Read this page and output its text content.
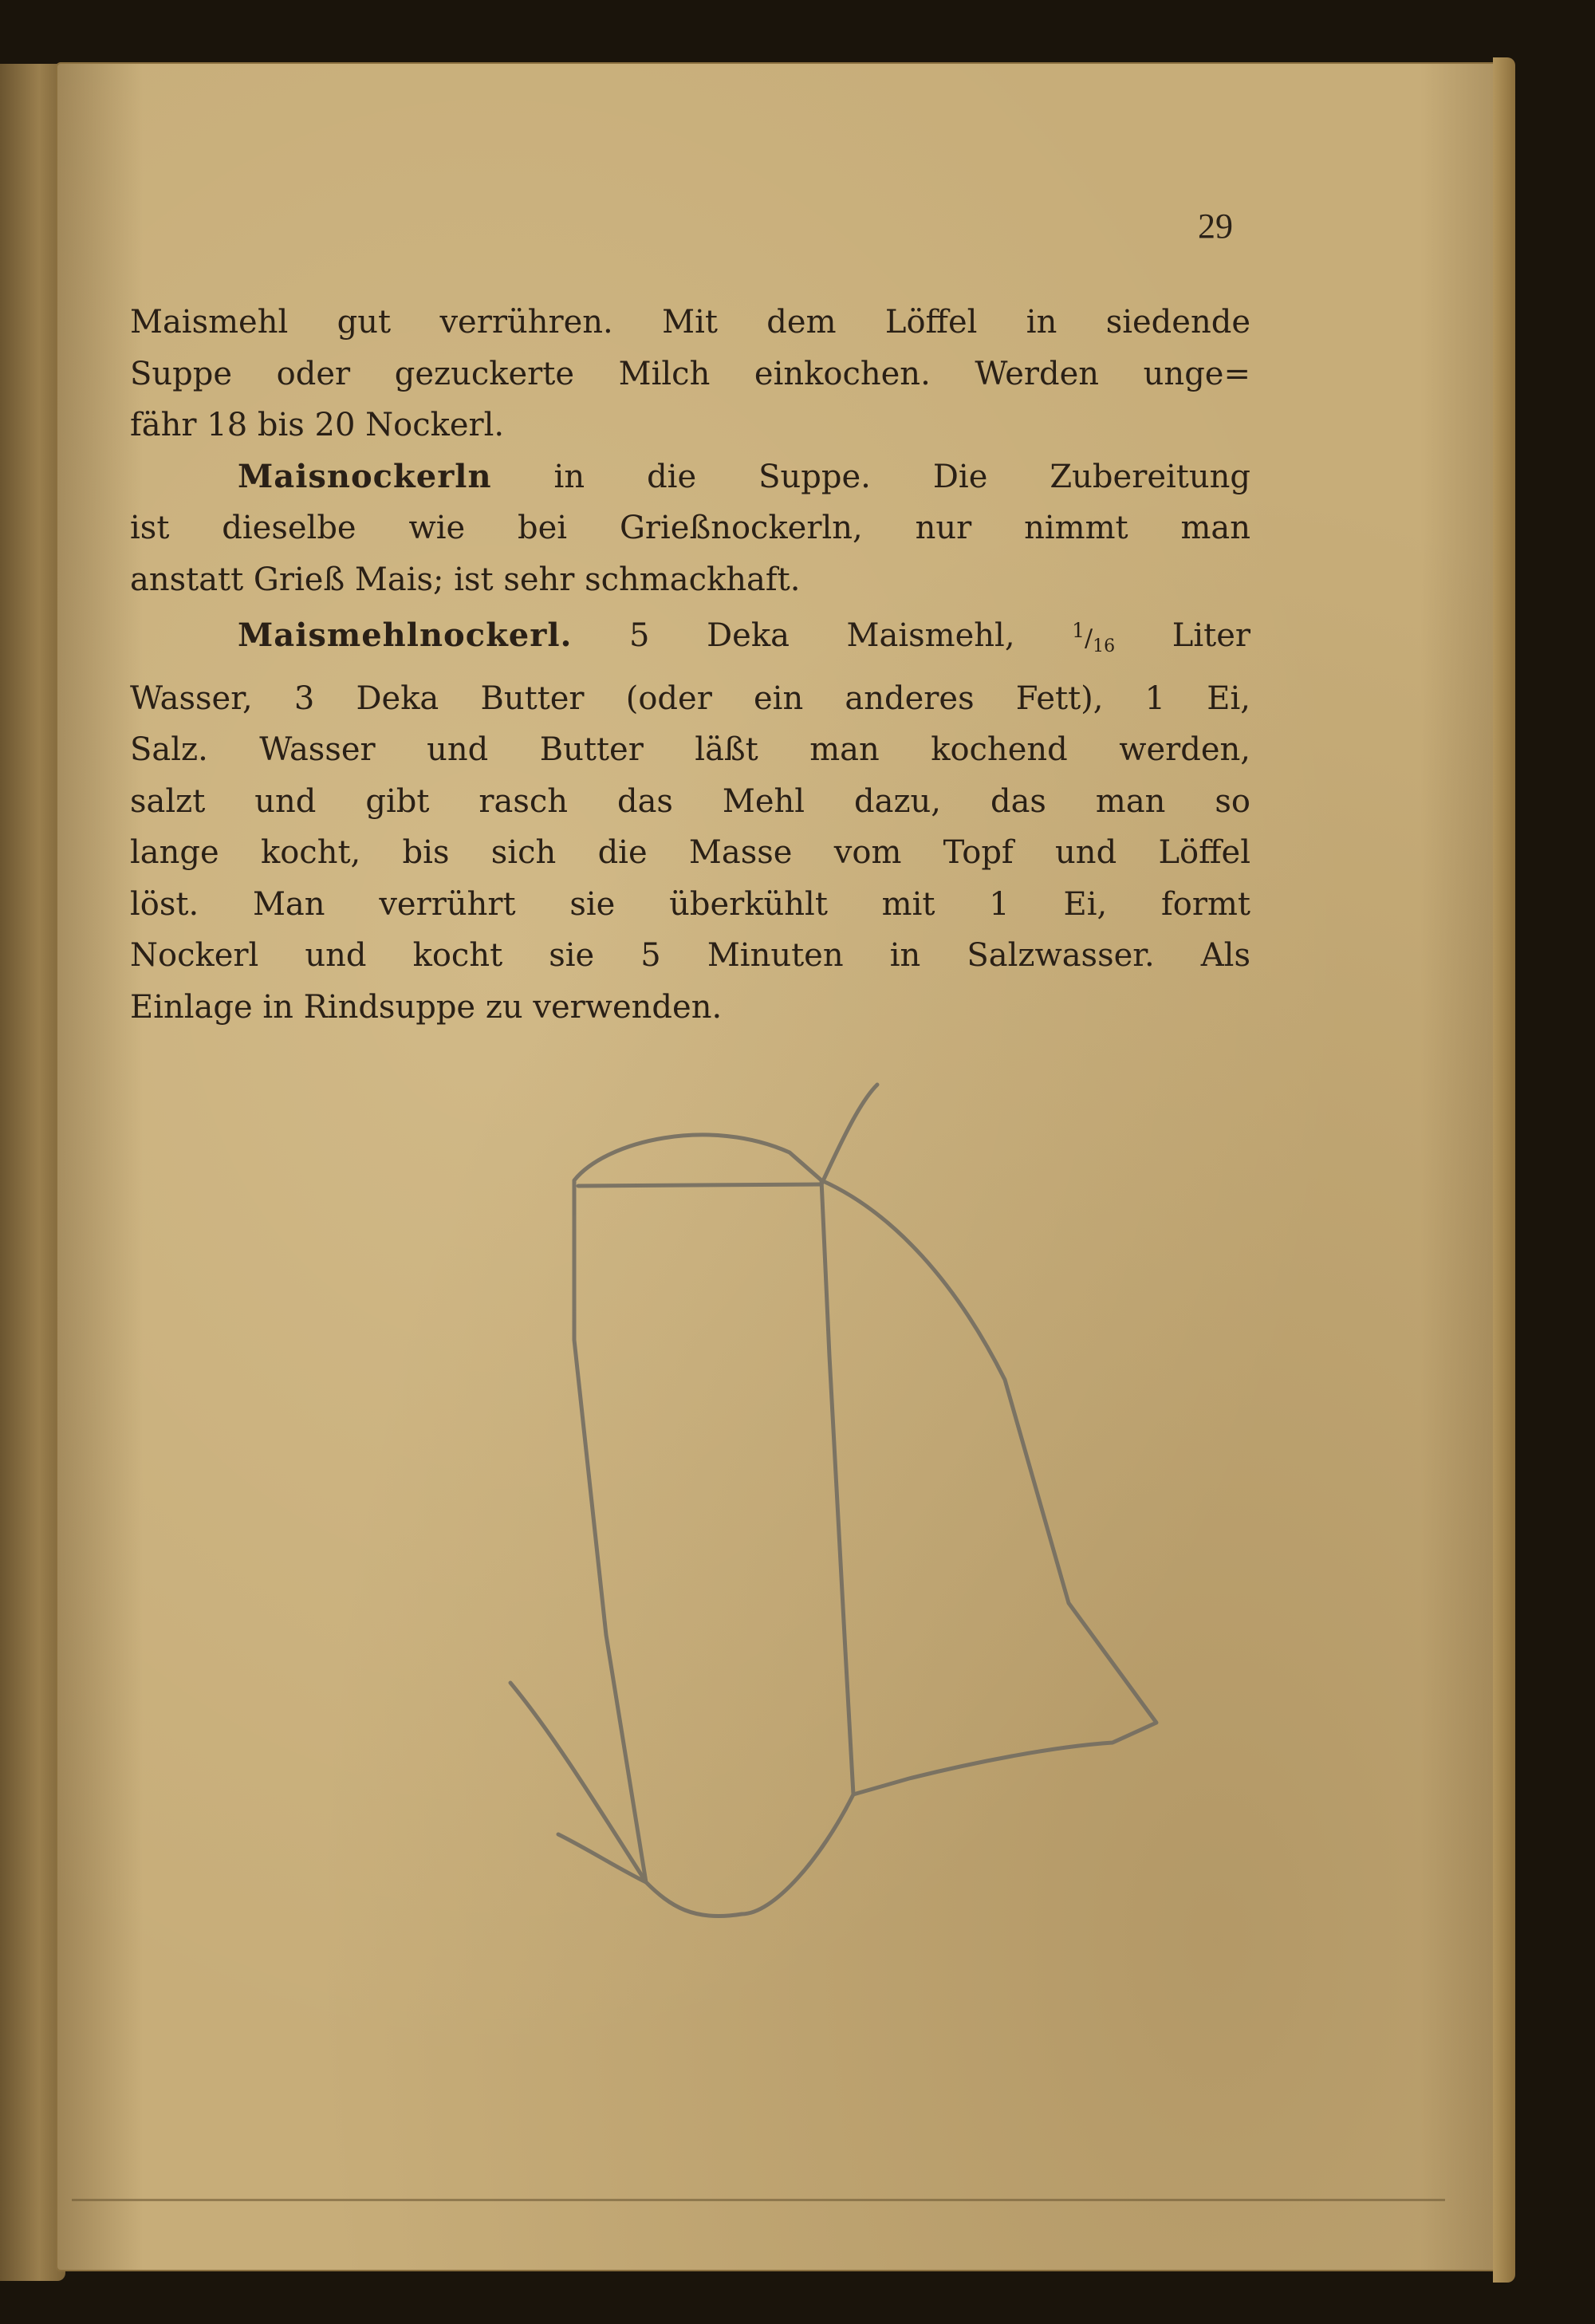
29
Maismehl gut verrühren. Mit dem Löffel in siedende
Suppe oder gezuckerte Milch einkochen. Werden unge=
fähr 18 bis 20 Nockerl.
Maisnockerln in die Suppe. Die Zubereitung
ist dieselbe wie bei Grießnockerln, nur nimmt man
anstatt Grieß Mais; ist sehr schmackhaft.
Maismehlnockerl. 5 Deka Maismehl,	$^1/_{16}$ Liter
Wasser, 3 Deka Butter (oder ein anderes Fett), 1 Ei,
Salz. Wasser und Butter läßt man kochend werden,
salzt und gibt rasch das Mehl dazu, das man so
lange kocht, bis sich die Masse vom Topf und Löffel
löst. Man verrührt sie überkühlt mit 1 Ei, formt
Nockerl und kocht sie 5 Minuten in Salzwasser. Als
Einlage in Rindsuppe zu verwenden.
